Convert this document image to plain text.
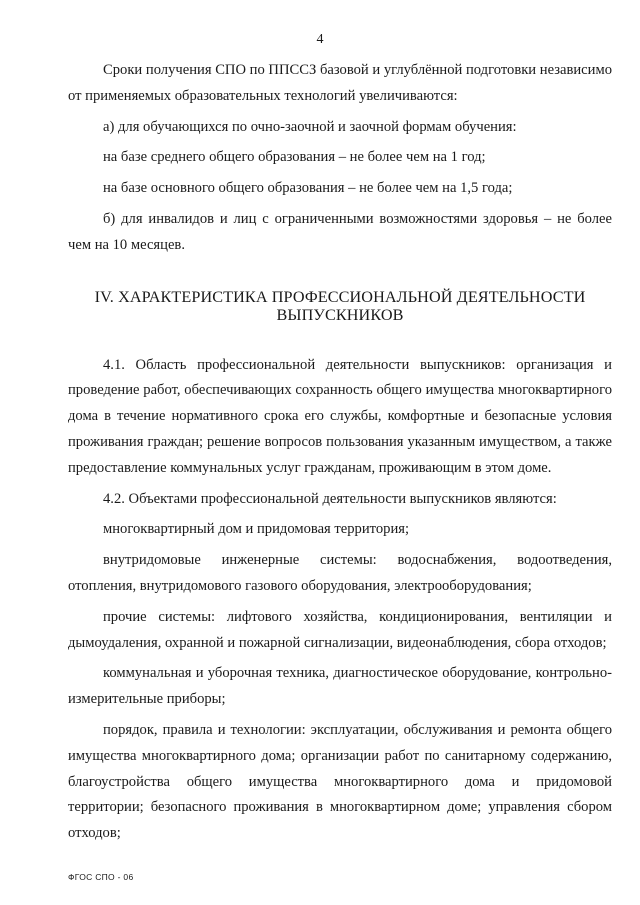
4

Сроки получения СПО по ППССЗ базовой и углублённой подготовки независимо от применяемых образовательных технологий увеличиваются:

а) для обучающихся по очно-заочной и заочной формам обучения:

на базе среднего общего образования – не более чем на 1 год;

на базе основного общего образования – не более чем на 1,5 года;

б) для инвалидов и лиц с ограниченными возможностями здоровья – не более чем на 10 месяцев.

IV. ХАРАКТЕРИСТИКА ПРОФЕССИОНАЛЬНОЙ ДЕЯТЕЛЬНОСТИ
ВЫПУСКНИКОВ

4.1. Область профессиональной деятельности выпускников: организация и проведение работ, обеспечивающих сохранность общего имущества многоквартирного дома в течение нормативного срока его службы, комфортные и безопасные условия проживания граждан; решение вопросов пользования указанным имуществом, а также предоставление коммунальных услуг гражданам, проживающим в этом доме.

4.2. Объектами профессиональной деятельности выпускников являются:

многоквартирный дом и придомовая территория;

внутридомовые инженерные системы: водоснабжения, водоотведения, отопления, внутридомового газового оборудования, электрооборудования;

прочие системы: лифтового хозяйства, кондиционирования, вентиляции и дымоудаления, охранной и пожарной сигнализации, видеонаблюдения, сбора отходов;

коммунальная и уборочная техника, диагностическое оборудование, контрольно-измерительные приборы;

порядок, правила и технологии: эксплуатации, обслуживания и ремонта общего имущества многоквартирного дома; организации работ по санитарному содержанию, благоустройства общего имущества многоквартирного дома и придомовой территории; безопасного проживания в многоквартирном доме; управления сбором отходов;

ФГОС СПО - 06
